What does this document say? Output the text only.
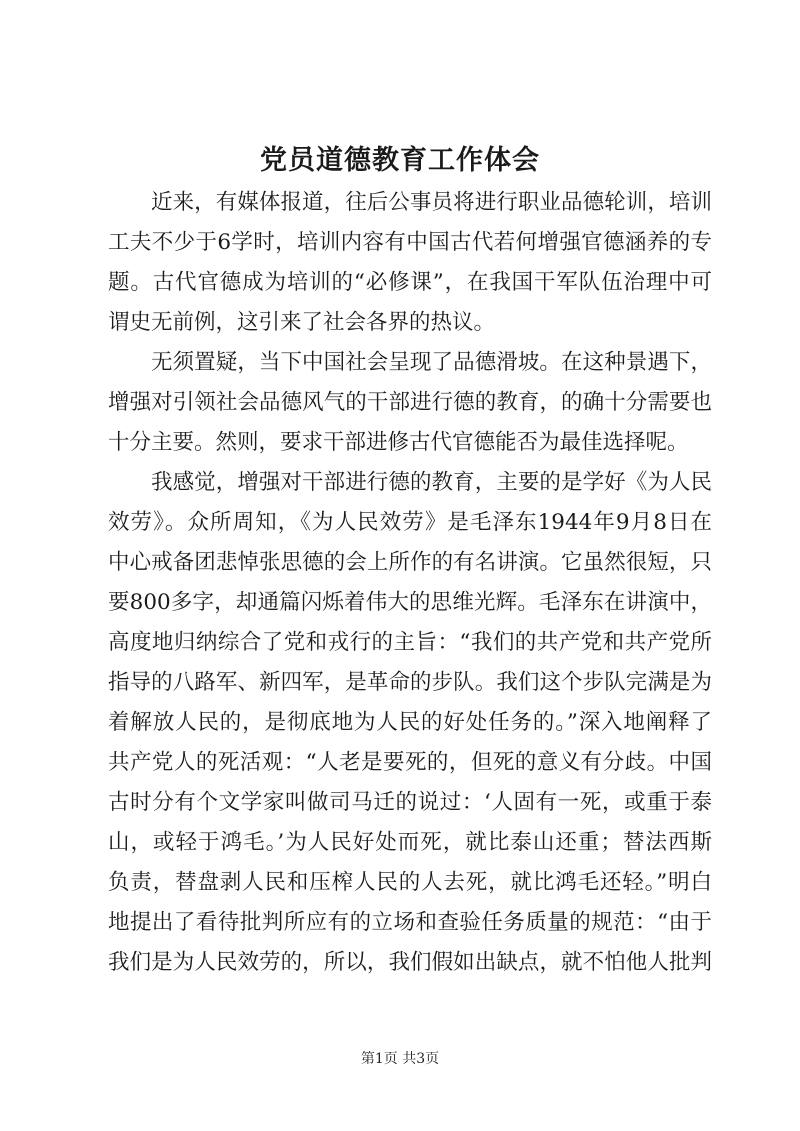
党员道德教育工作体会
近来，有媒体报道，往后公事员将进行职业品德轮训，培训
工夫不少于6学时，培训内容有中国古代若何增强官德涵养的专
题。古代官德成为培训的“必修课”，在我国干军队伍治理中可
谓史无前例，这引来了社会各界的热议。
无须置疑，当下中国社会呈现了品德滑坡。在这种景遇下，
增强对引领社会品德风气的干部进行德的教育，的确十分需要也
十分主要。然则，要求干部进修古代官德能否为最佳选择呢。
我感觉，增强对干部进行德的教育，主要的是学好《为人民
效劳》。众所周知，《为人民效劳》是毛泽东1944年9月8日在
中心戒备团悲悼张思德的会上所作的有名讲演。它虽然很短，只
要800多字，却通篇闪烁着伟大的思维光辉。毛泽东在讲演中，
高度地归纳综合了党和戎行的主旨：“我们的共产党和共产党所
指导的八路军、新四军，是革命的步队。我们这个步队完满是为
着解放人民的，是彻底地为人民的好处任务的。”深入地阐释了
共产党人的死活观：“人老是要死的，但死的意义有分歧。中国
古时分有个文学家叫做司马迁的说过：‘人固有一死，或重于泰
山，或轻于鸿毛。’为人民好处而死，就比泰山还重；替法西斯
负责，替盘剥人民和压榨人民的人去死，就比鸿毛还轻。”明白
地提出了看待批判所应有的立场和查验任务质量的规范：“由于
我们是为人民效劳的，所以，我们假如出缺点，就不怕他人批判
第1页 共3页
